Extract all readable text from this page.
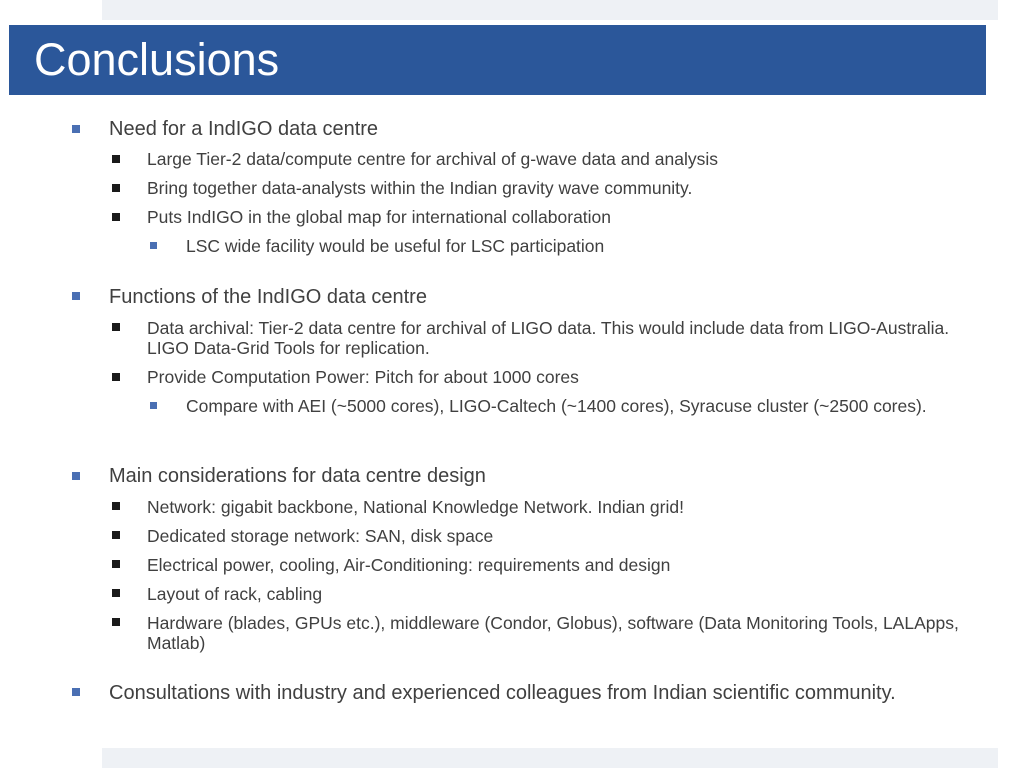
Conclusions
Need for a IndIGO data centre
Large Tier-2 data/compute centre for archival of g-wave data and analysis
Bring together data-analysts within the Indian gravity wave community.
Puts IndIGO in the global map for international collaboration
LSC wide facility would be useful for LSC participation
Functions of the IndIGO data centre
Data archival: Tier-2 data centre for archival of LIGO data. This would include data from LIGO-Australia. LIGO Data-Grid Tools for replication.
Provide Computation Power: Pitch for about 1000 cores
Compare with AEI (~5000 cores), LIGO-Caltech (~1400 cores), Syracuse cluster (~2500 cores).
Main considerations for data centre design
Network: gigabit backbone, National Knowledge Network. Indian grid!
Dedicated storage network: SAN, disk space
Electrical power, cooling, Air-Conditioning: requirements and design
Layout of rack, cabling
Hardware (blades, GPUs etc.), middleware (Condor, Globus), software (Data Monitoring Tools, LALApps, Matlab)
Consultations with industry and experienced colleagues from Indian scientific community.
